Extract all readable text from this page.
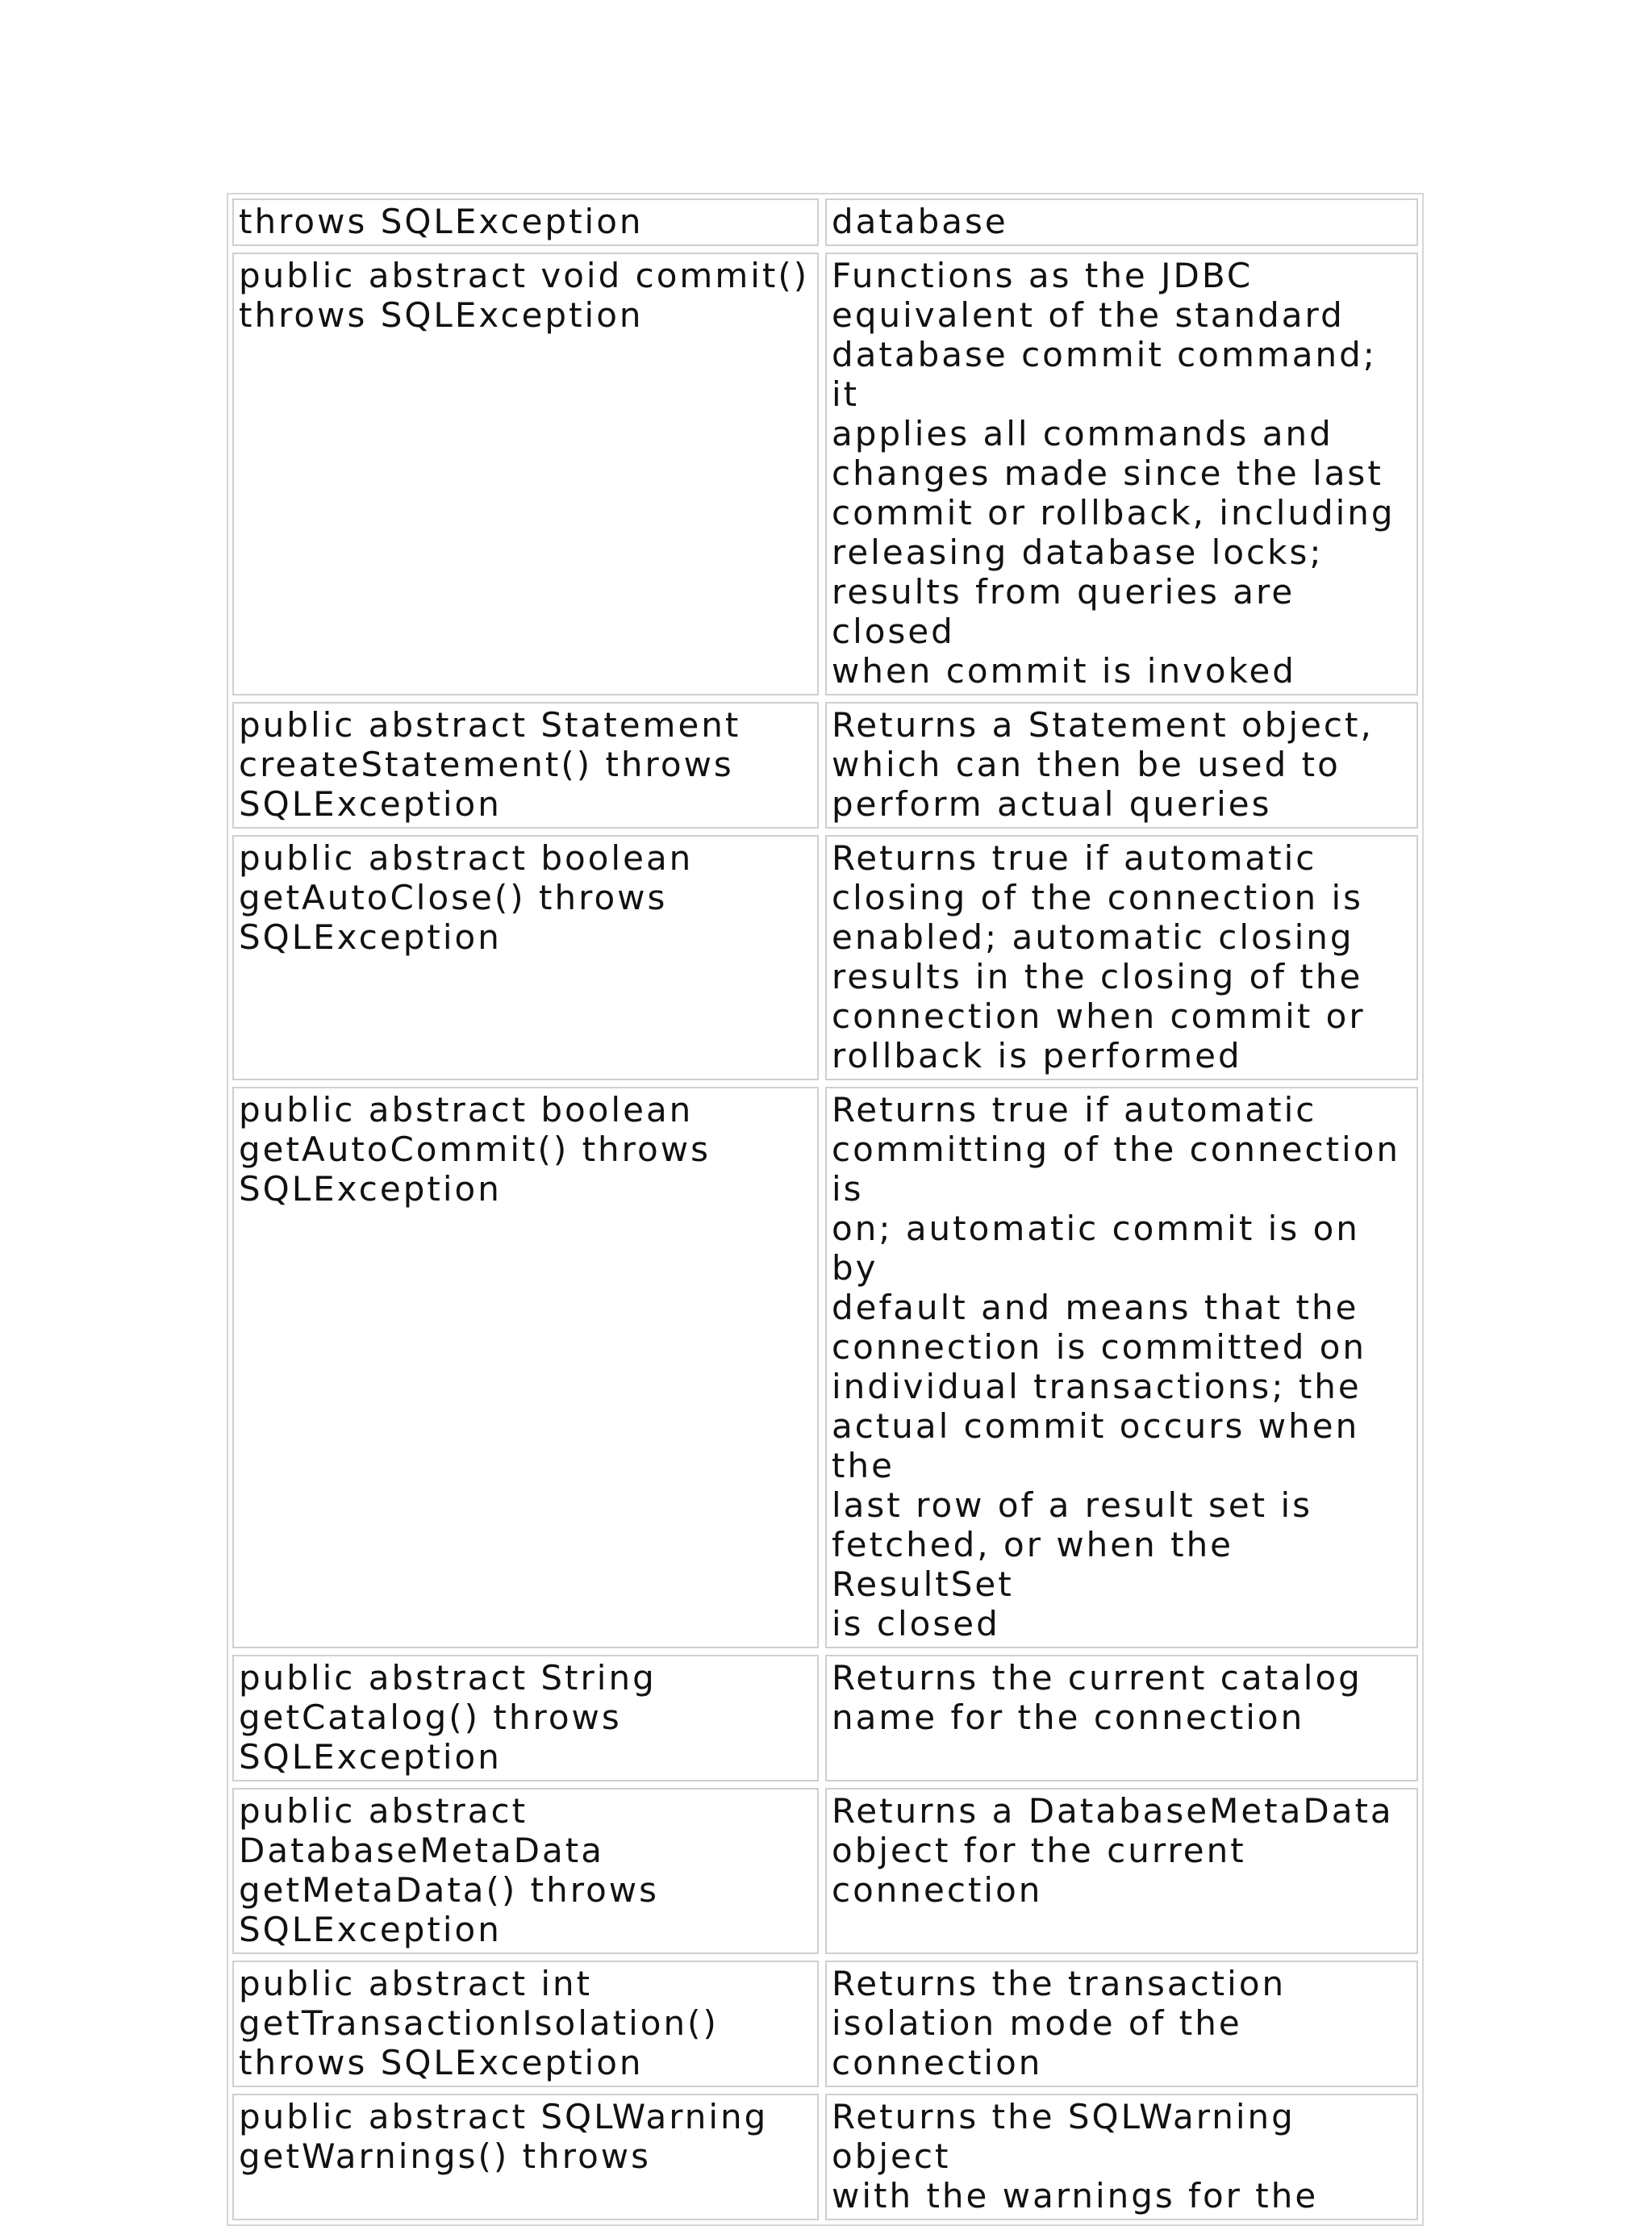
throws SQLException	database
public abstract void commit()
throws SQLException
Functions as the JDBC
equivalent of the standard
database commit command; it
applies all commands and
changes made since the last
commit or rollback, including
releasing database locks;
results from queries are closed
when commit is invoked
public abstract Statement
createStatement() throws
SQLException
Returns a Statement object,
which can then be used to
perform actual queries
public abstract boolean
getAutoClose() throws
SQLException
Returns true if automatic
closing of the connection is
enabled; automatic closing
results in the closing of the
connection when commit or
rollback is performed
public abstract boolean
getAutoCommit() throws
SQLException
Returns true if automatic
committing of the connection is
on; automatic commit is on by
default and means that the
connection is committed on
individual transactions; the
actual commit occurs when the
last row of a result set is
fetched, or when the ResultSet
is closed
public abstract String
getCatalog() throws
SQLException
Returns the current catalog
name for the connection
public abstract
DatabaseMetaData
getMetaData() throws
SQLException
Returns a DatabaseMetaData
object for the current
connection
public abstract int
getTransactionIsolation()
throws SQLException
Returns the transaction
isolation mode of the
connection
public abstract SQLWarning
getWarnings() throws
Returns the SQLWarning object
with the warnings for the
